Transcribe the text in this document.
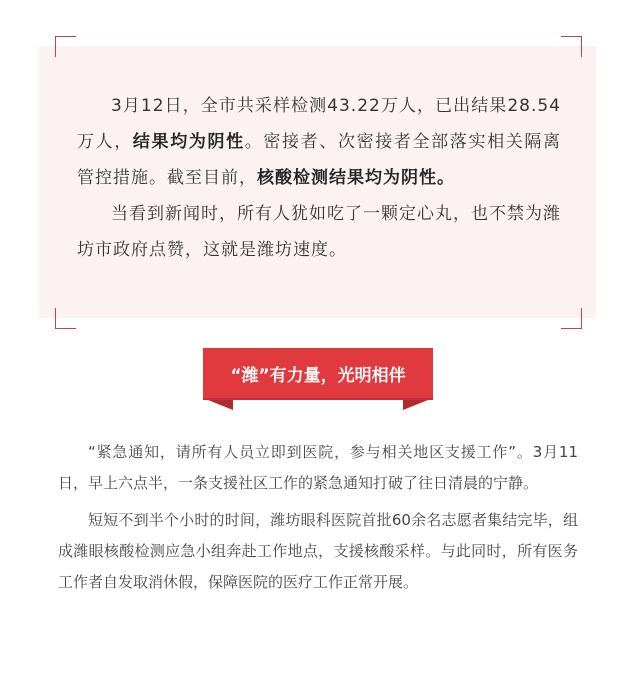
3月12日，全市共采样检测43.22万人，已出结果28.54万人，结果均为阴性。密接者、次密接者全部落实相关隔离管控措施。截至目前，核酸检测结果均为阴性。

当看到新闻时，所有人犹如吃了一颗定心丸，也不禁为潍坊市政府点赞，这就是潍坊速度。

“潍”有力量，光明相伴

“紧急通知，请所有人员立即到医院，参与相关地区支援工作”。3月11日，早上六点半，一条支援社区工作的紧急通知打破了往日清晨的宁静。

短短不到半个小时的时间，潍坊眼科医院首批60余名志愿者集结完毕，组成潍眼核酸检测应急小组奔赴工作地点，支援核酸采样。与此同时，所有医务工作者自发取消休假，保障医院的医疗工作正常开展。
